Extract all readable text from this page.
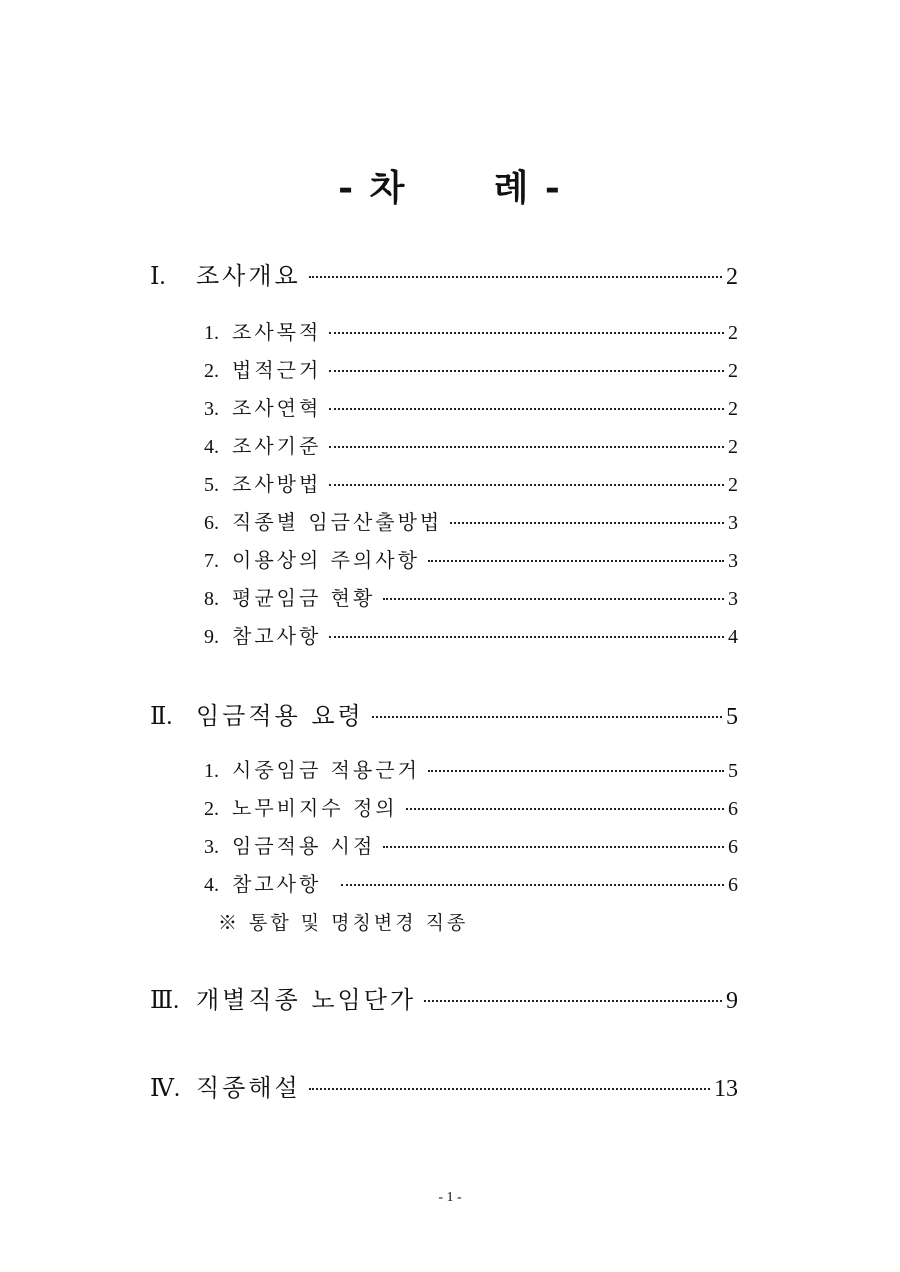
- 차      례 -
Ⅰ.	조사개요	2
1. 조사목적	2
2. 법적근거	2
3. 조사연혁	2
4. 조사기준	2
5. 조사방법	2
6. 직종별 임금산출방법	3
7. 이용상의 주의사항	3
8. 평균임금 현황	3
9. 참고사항	4
Ⅱ. 임금적용 요령	5
1. 시중임금 적용근거	5
2. 노무비지수 정의	6
3. 임금적용 시점	6
4. 참고사항	6
※ 통합 및 명칭변경 직종
Ⅲ. 개별직종 노임단가	9
Ⅳ. 직종해설	13
- 1 -
